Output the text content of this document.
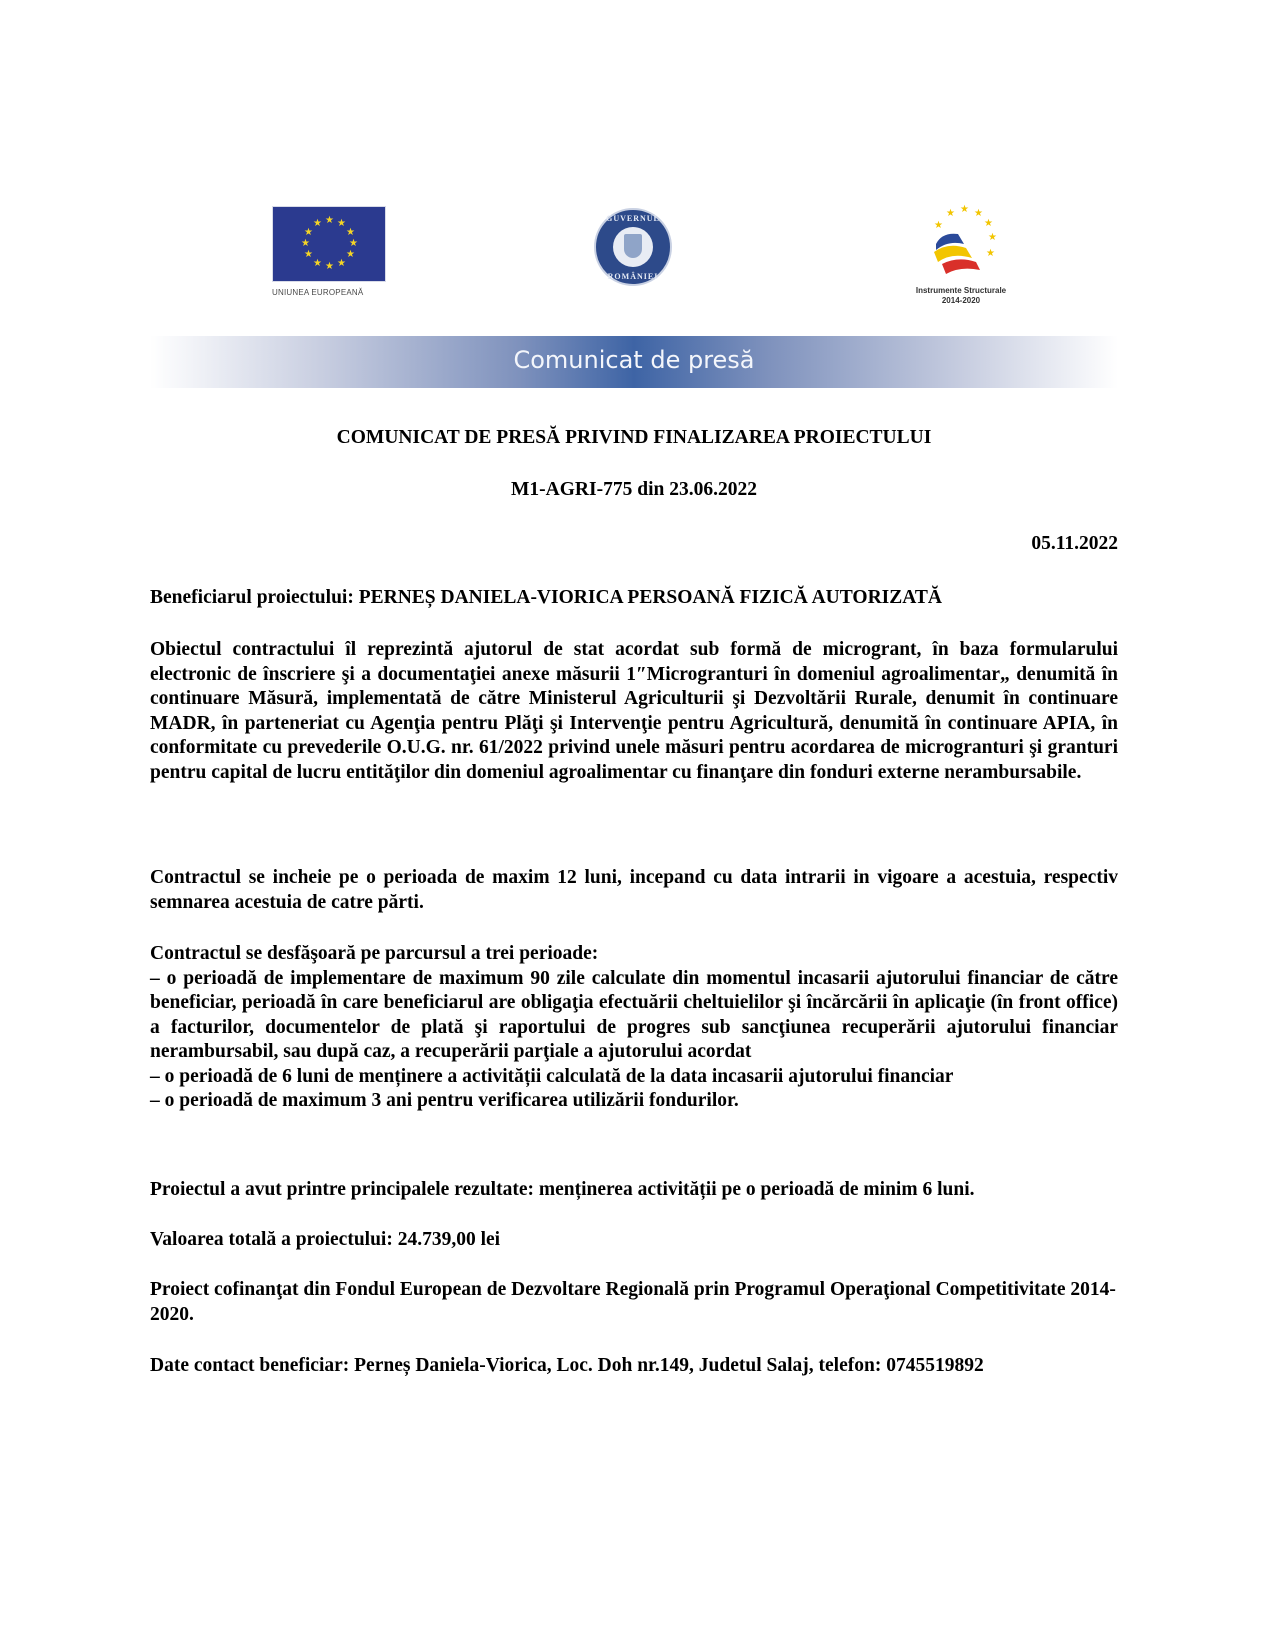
★ ★
★
★
★
★
★
★
★
★
★
★
UNIUNEA EUROPEANĂ
GUVERNUL
ROMÂNIEI
★
★ ★ ★
★
★
★
Instrumente Structurale
2014-2020
Comunicat de presă
COMUNICAT DE PRESĂ PRIVIND FINALIZAREA PROIECTULUI
M1-AGRI-775 din 23.06.2022
05.11.2022
Beneficiarul proiectului: PERNEȘ DANIELA-VIORICA PERSOANĂ FIZICĂ AUTORIZATĂ

Obiectul contractului îl reprezintă ajutorul de stat acordat sub formă de microgrant, în baza formularului electronic de înscriere şi a documentaţiei anexe măsurii 1″Microgranturi în domeniul agroalimentar„ denumită în continuare Măsură, implementată de către Ministerul Agriculturii şi Dezvoltării Rurale, denumit în continuare MADR, în parteneriat cu Agenţia pentru Plăţi şi Intervenţie pentru Agricultură, denumită în continuare APIA, în conformitate cu prevederile O.U.G. nr. 61/2022 privind unele măsuri pentru acordarea de microgranturi şi granturi pentru capital de lucru entităţilor din domeniul agroalimentar cu finanţare din fonduri externe nerambursabile.

Contractul se incheie pe o perioada de maxim 12 luni, incepand cu data intrarii in vigoare a acestuia, respectiv semnarea acestuia de catre părti.

Contractul se desfăşoară pe parcursul a trei perioade:

– o perioadă de implementare de maximum 90 zile calculate din momentul incasarii ajutorului financiar de către beneficiar, perioadă în care beneficiarul are obligaţia efectuării cheltuielilor şi încărcării în aplicaţie (în front office) a facturilor, documentelor de plată şi raportului de progres sub sancţiunea recuperării ajutorului financiar nerambursabil, sau după caz, a recuperării parţiale a ajutorului acordat

– o perioadă de 6 luni de menținere a activității calculată de la data incasarii ajutorului financiar

– o perioadă de maximum 3 ani pentru verificarea utilizării fondurilor.

Proiectul a avut printre principalele rezultate: menținerea activității pe o perioadă de minim 6 luni.

Valoarea totală a proiectului: 24.739,00 lei

Proiect cofinanţat din Fondul European de Dezvoltare Regională prin Programul Operaţional Competitivitate 2014-2020.

Date contact beneficiar: Perneș Daniela-Viorica, Loc. Doh nr.149, Judetul Salaj, telefon: 0745519892
